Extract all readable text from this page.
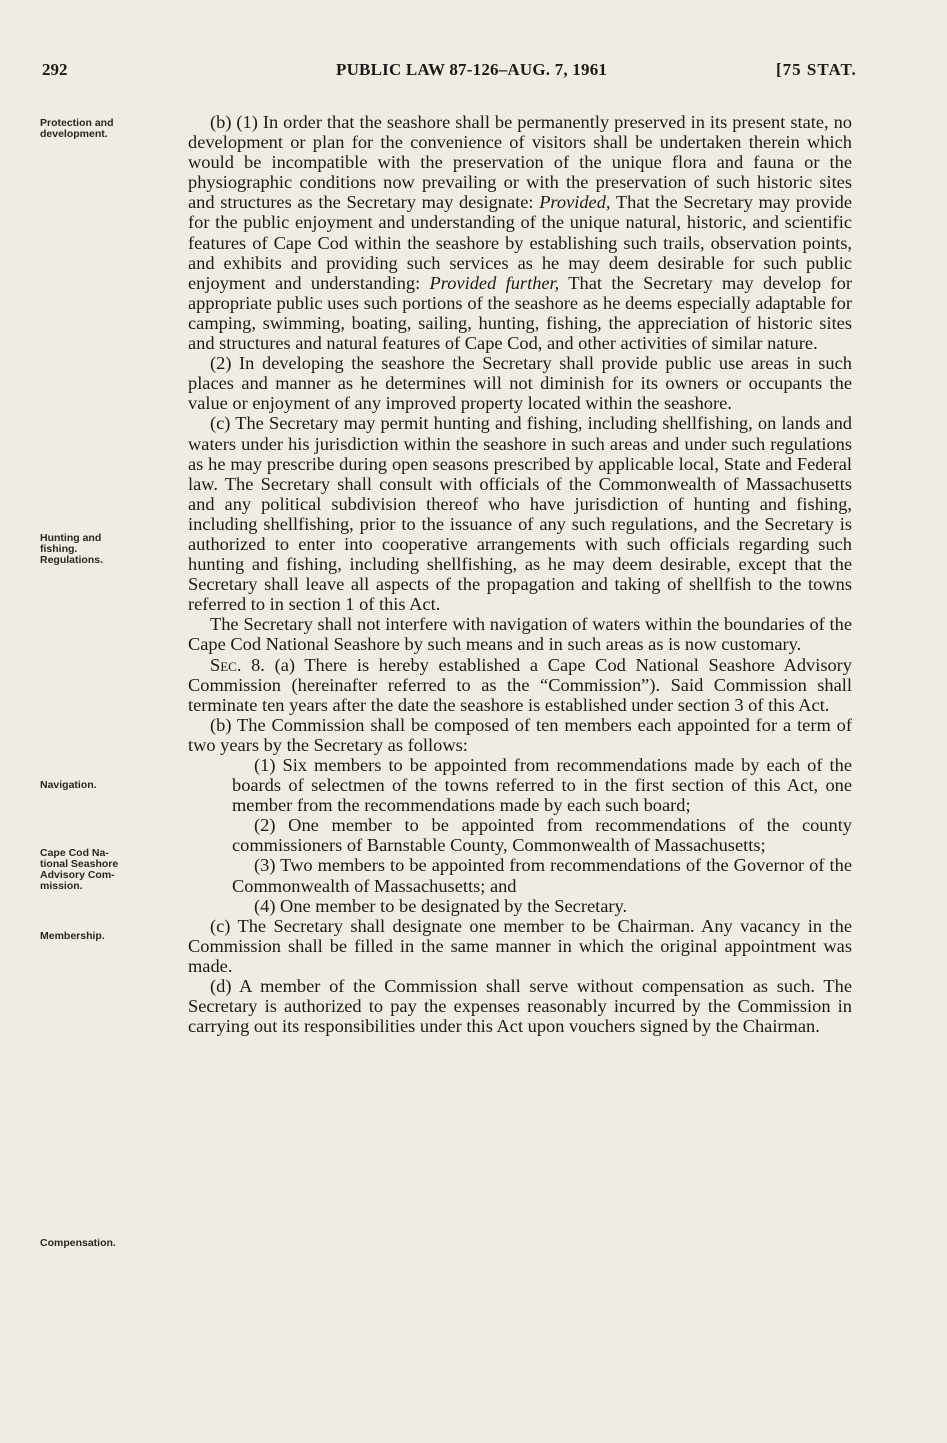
292	PUBLIC LAW 87-126–AUG. 7, 1961	[75 STAT.
Protection and
development.
Hunting and
fishing.
Regulations.
Navigation.
Cape Cod Na-
tional Seashore
Advisory Com-
mission.
Membership.
Compensation.

(b) (1) In order that the seashore shall be permanently preserved in its present state, no development or plan for the convenience of visitors shall be undertaken therein which would be incompatible with the preservation of the unique flora and fauna or the physiographic conditions now prevailing or with the preservation of such historic sites and structures as the Secretary may designate: Provided, That the Secretary may provide for the public enjoyment and understanding of the unique natural, historic, and scientific features of Cape Cod within the seashore by establishing such trails, observation points, and exhibits and providing such services as he may deem desirable for such public enjoyment and understanding: Provided further, That the Secretary may develop for appropriate public uses such portions of the seashore as he deems especially adaptable for camping, swimming, boating, sailing, hunting, fishing, the appreciation of historic sites and structures and natural features of Cape Cod, and other activities of similar nature.

(2) In developing the seashore the Secretary shall provide public use areas in such places and manner as he determines will not diminish for its owners or occupants the value or enjoyment of any improved property located within the seashore.

(c) The Secretary may permit hunting and fishing, including shellfishing, on lands and waters under his jurisdiction within the seashore in such areas and under such regulations as he may prescribe during open seasons prescribed by applicable local, State and Federal law. The Secretary shall consult with officials of the Commonwealth of Massachusetts and any political subdivision thereof who have jurisdiction of hunting and fishing, including shellfishing, prior to the issuance of any such regulations, and the Secretary is authorized to enter into cooperative arrangements with such officials regarding such hunting and fishing, including shellfishing, as he may deem desirable, except that the Secretary shall leave all aspects of the propagation and taking of shellfish to the towns referred to in section 1 of this Act.

The Secretary shall not interfere with navigation of waters within the boundaries of the Cape Cod National Seashore by such means and in such areas as is now customary.

Sec. 8. (a) There is hereby established a Cape Cod National Seashore Advisory Commission (hereinafter referred to as the “Commission”). Said Commission shall terminate ten years after the date the seashore is established under section 3 of this Act.

(b) The Commission shall be composed of ten members each appointed for a term of two years by the Secretary as follows:

(1) Six members to be appointed from recommendations made by each of the boards of selectmen of the towns referred to in the first section of this Act, one member from the recommendations made by each such board;

(2) One member to be appointed from recommendations of the county commissioners of Barnstable County, Commonwealth of Massachusetts;

(3) Two members to be appointed from recommendations of the Governor of the Commonwealth of Massachusetts; and

(4) One member to be designated by the Secretary.

(c) The Secretary shall designate one member to be Chairman. Any vacancy in the Commission shall be filled in the same manner in which the original appointment was made.

(d) A member of the Commission shall serve without compensation as such. The Secretary is authorized to pay the expenses reasonably incurred by the Commission in carrying out its responsibilities under this Act upon vouchers signed by the Chairman.
